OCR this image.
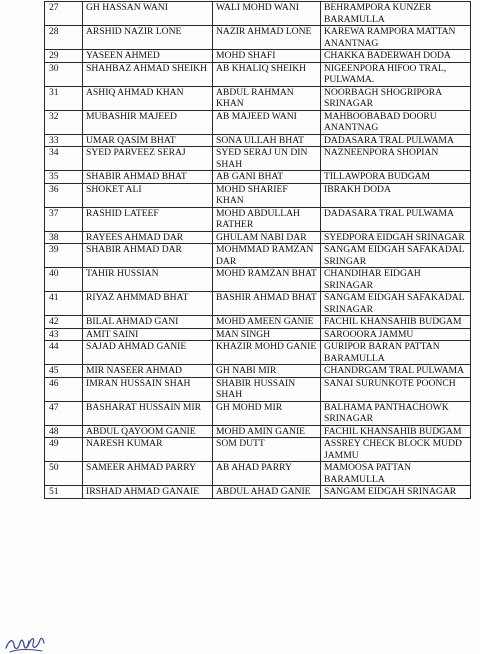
27	GH HASSAN WANI	WALI MOHD WANI	BEHRAMPORA KUNZER BARAMULLA
28	ARSHID NAZIR LONE	NAZIR AHMAD LONE	KAREWA RAMPORA MATTAN ANANTNAG
29	YASEEN AHMED	MOHD SHAFI	CHAKKA BADERWAH DODA
30	SHAHBAZ AHMAD SHEIKH	AB KHALIQ SHEIKH	NIGEENPORA HIFOO TRAL, PULWAMA.
31	ASHIQ AHMAD KHAN	ABDUL RAHMAN KHAN	NOORBAGH SHOGRIPORA SRINAGAR
32	MUBASHIR MAJEED	AB MAJEED WANI	MAHBOOBABAD DOORU ANANTNAG
33	UMAR QASIM BHAT	SONA ULLAH BHAT	DADASARA TRAL PULWAMA
34	SYED PARVEEZ SERAJ	SYED SERAJ UN DIN SHAH	NAZNEENPORA SHOPIAN
35	SHABIR AHMAD BHAT	AB GANI BHAT	TILLAWPORA BUDGAM
36	SHOKET ALI	MOHD SHARIEF KHAN	IBRAKH DODA
37	RASHID LATEEF	MOHD ABDULLAH RATHER	DADASARA TRAL PULWAMA
38	RAYEES AHMAD DAR	GHULAM NABI DAR	SYEDPORA EIDGAH SRINAGAR
39	SHABIR AHMAD DAR	MOHMMAD RAMZAN DAR	SANGAM EIDGAH SAFAKADAL SRINGAR
40	TAHIR HUSSIAN	MOHD RAMZAN BHAT	CHANDIHAR EIDGAH SRINAGAR
41	RIYAZ AHMMAD BHAT	BASHIR AHMAD BHAT	SANGAM EIDGAH SAFAKADAL SRINAGAR
42	BILAL AHMAD GANI	MOHD AMEEN GANIE	FACHIL KHANSAHIB BUDGAM
43	AMIT SAINI	MAN SINGH	SAROOORA JAMMU
44	SAJAD AHMAD GANIE	KHAZIR MOHD GANIE	GURIPOR BARAN PATTAN BARAMULLA
45	MIR NASEER AHMAD	GH NABI MIR	CHANDRGAM TRAL PULWAMA
46	IMRAN HUSSAIN SHAH	SHABIR HUSSAIN SHAH	SANAI SURUNKOTE POONCH
47	BASHARAT HUSSAIN MIR	GH MOHD MIR	BALHAMA PANTHACHOWK SRINAGAR
48	ABDUL QAYOOM GANIE	MOHD AMIN GANIE	FACHIL KHANSAHIB BUDGAM
49	NARESH KUMAR	SOM DUTT	ASSREY CHECK BLOCK MUDD JAMMU
50	SAMEER AHMAD PARRY	AB AHAD PARRY	MAMOOSA PATTAN BARAMULLA
51	IRSHAD AHMAD GANAIE	ABDUL AHAD GANIE	SANGAM EIDGAH SRINAGAR
